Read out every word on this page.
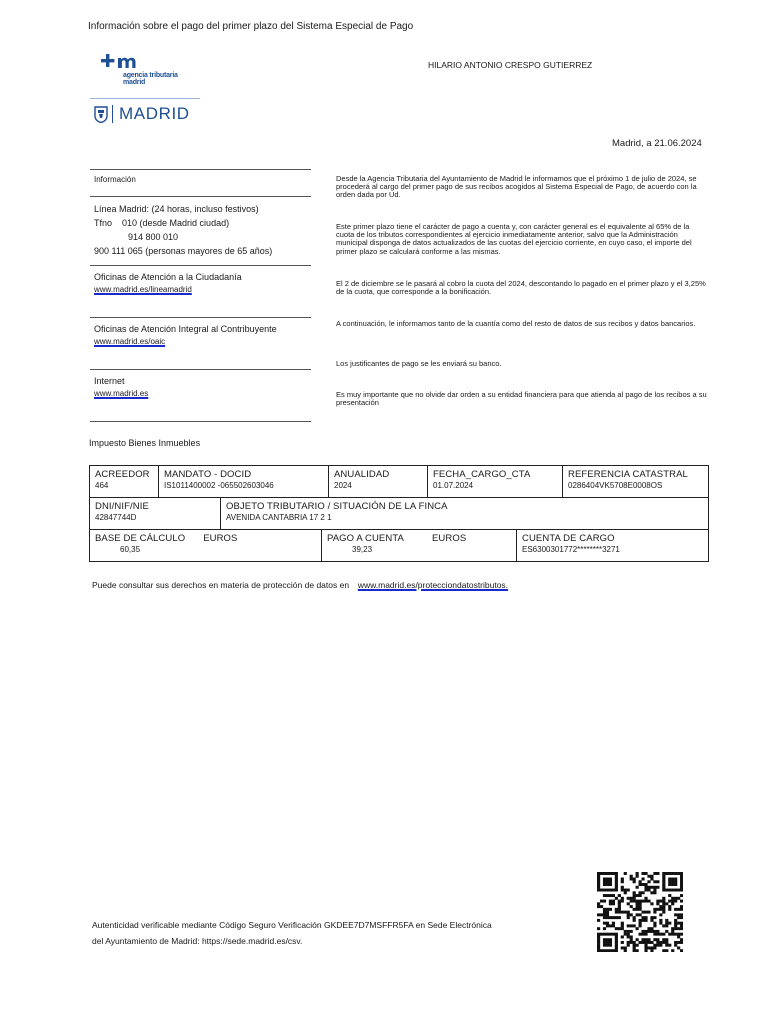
Información sobre el pago del primer plazo del Sistema Especial de Pago
agencia tributaria
madrid
MADRID
HILARIO ANTONIO CRESPO GUTIERREZ
Madrid, a 21.06.2024
Información
Línea Madrid: (24 horas, incluso festivos)
Tfno 010 (desde Madrid ciudad)
914 800 010
900 111 065 (personas mayores de 65 años)
Oficinas de Atención a la Ciudadanía
www.madrid.es/lineamadrid
Oficinas de Atención Integral al Contribuyente
www.madrid.es/oaic
Internet
www.madrid.es
Desde la Agencia Tributaria del Ayuntamiento de Madrid le informamos que el próximo 1 de julio de 2024, se procederá al cargo del primer pago de sus recibos acogidos al Sistema Especial de Pago, de acuerdo con la orden dada por Ud.
Este primer plazo tiene el carácter de pago a cuenta y, con carácter general es el equivalente al 65% de la cuota de los tributos correspondientes al ejercicio inmediatamente anterior, salvo que la Administración municipal disponga de datos actualizados de las cuotas del ejercicio corriente, en cuyo caso, el importe del primer plazo se calculará conforme a las mismas.
El 2 de diciembre se le pasará al cobro la cuota del 2024, descontando lo pagado en el primer plazo y el 3,25% de la cuota, que corresponde a la bonificación.
A continuación, le informamos tanto de la cuantía como del resto de datos de sus recibos y datos bancarios.
Los justificantes de pago se les enviará su banco.
Es muy importante que no olvide dar orden a su entidad financiera para que atienda al pago de los recibos a su presentación
Impuesto Bienes Inmuebles
ACREEDOR
464
MANDATO - DOCID
IS1011400002 -065502603046
ANUALIDAD
2024
FECHA_CARGO_CTA
01.07.2024
REFERENCIA CATASTRAL
0286404VK5708E0008OS
DNI/NIF/NIE
42847744D
OBJETO TRIBUTARIO / SITUACIÓN DE LA FINCA
AVENIDA CANTABRIA 17 2 1
BASE DE CÁLCULO EUROS
60,35
PAGO A CUENTA	EUROS
39,23
CUENTA DE CARGO
ES6300301772********3271
Puede consultar sus derechos en materia de protección de datos en www.madrid.es/protecciondatostributos.
Autenticidad verificable mediante Código Seguro Verificación GKDEE7D7MSFFR5FA en Sede Electrónica
del Ayuntamiento de Madrid: https://sede.madrid.es/csv.
